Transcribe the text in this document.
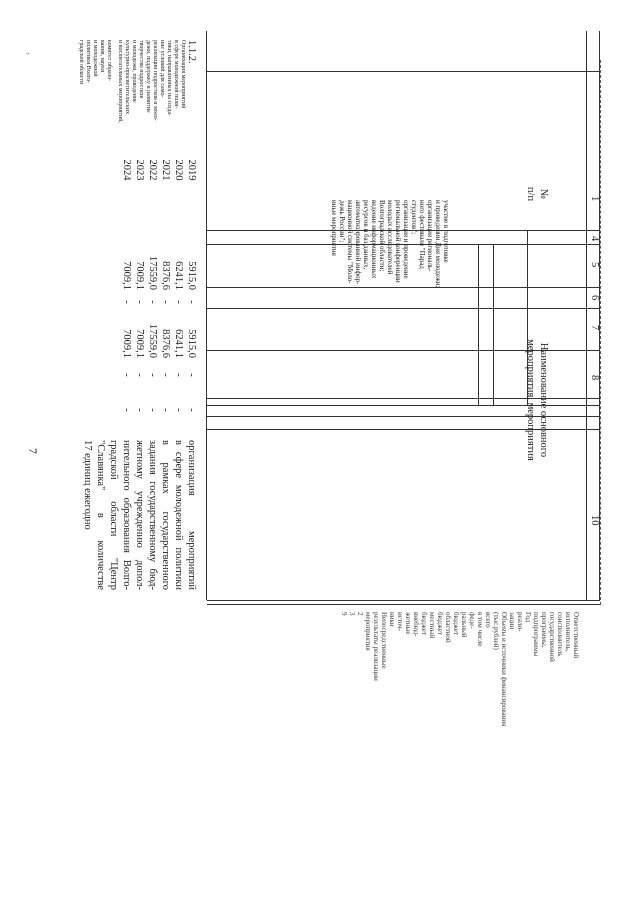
7
‚
№
п/п
Наименование основного
мероприятия, мероприятия
1
4
5
6
7
8
10
1.1.2.
2019
2020
2021
2022
2023
2024
5915,0
6241,1
8376,6
17559,0
7009,1
7009,1
-
-
-
-
-
-
5915,0
6241,1
8376,6
17559,0
7009,1
7009,1
-
-
-
-
-
-
-
-
-
-
-
-
организация мероприятий
в сфере молодежной политики
в рамках государственного
задания государственному бюд-
жетному учреждению допол-
нительного образования Волго-
градской области "Центр
"Славянка" в количестве
17 единиц ежегодно
Ответственный
исполнитель,
соисполнитель
государственной
программы,
подпрограммы
Год
реали-
зации
Объемы и источники финансирования
(тыс.рублей)
всего
в том числе
феде-
ральный
бюджет
областной
бюджет
местный
бюджет
внебюд-
жетные
источ-
ники
Непосредственные
результаты реализации
мероприятия
2
3
9
Организация мероприятий
в сфере молодежной поли-
тики, направленных на созда-
ние условий для само-
реализации подростков и моло-
дежи, поддержку и развитие
творчества подростков
и молодежи, проведение
культурно-просветительских
и воспитательных мероприятий,
комитет образо-
вания, науки
и молодежной
политики Волго-
градской области
участие в подготовке
и проведении Дня молодежи;
организация региональ-
ного фестиваля "Парад
студентов";
организация и проведение
региональной конференции
молодых исследователей
Волгоградской области;
ведение информационных
ресурсов и баз данных,
автоматизированной инфор-
мационной системы "Моло-
дежь России";
иные мероприятия
